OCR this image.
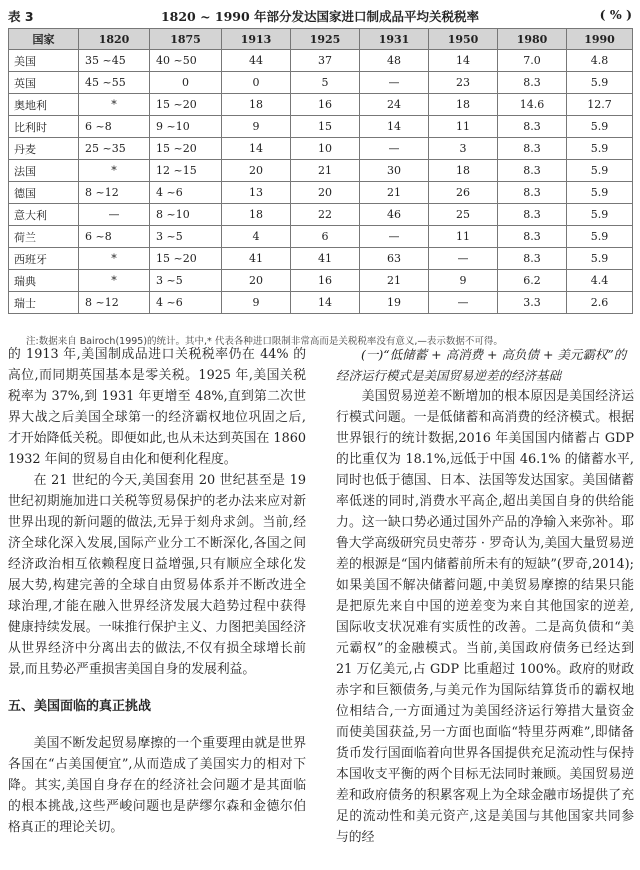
表 3	1820 ~ 1990 年部分发达国家进口制成品平均关税税率	( % )
国家	1820	1875	1913	1925	1931	1950	1980	1990
美国	35 ~45	40 ~50	44	37	48	14	7.0	4.8
英国	45 ~55	0	0	5	—	23	8.3	5.9
奥地利	*	15 ~20	18	16	24	18	14.6	12.7
比利时	6 ~8	9 ~10	9	15	14	11	8.3	5.9
丹麦	25 ~35	15 ~20	14	10	—	3	8.3	5.9
法国	*	12 ~15	20	21	30	18	8.3	5.9
德国	8 ~12	4 ~6	13	20	21	26	8.3	5.9
意大利	—	8 ~10	18	22	46	25	8.3	5.9
荷兰	6 ~8	3 ~5	4	6	—	11	8.3	5.9
西班牙	*	15 ~20	41	41	63	—	8.3	5.9
瑞典	*	3 ~5	20	16	21	9	6.2	4.4
瑞士	8 ~12	4 ~6	9	14	19	—	3.3	2.6
注:数据来自 Bairoch(1995)的统计。其中,* 代表各种进口限制非常高而是关税税率没有意义,—表示数据不可得。

的 1913 年,美国制成品进口关税税率仍在 44% 的高位,而同期英国基本是零关税。1925 年,美国关税税率为 37%,到 1931 年更增至 48%,直到第二次世界大战之后美国全球第一的经济霸权地位巩固之后,才开始降低关税。即便如此,也从未达到英国在 1860 1932 年间的贸易自由化和便利化程度。

在 21 世纪的今天,美国套用 20 世纪甚至是 19 世纪初期施加进口关税等贸易保护的老办法来应对新世界出现的新问题的做法,无异于刻舟求剑。当前,经济全球化深入发展,国际产业分工不断深化,各国之间经济政治相互依赖程度日益增强,只有顺应全球化发展大势,构建完善的全球自由贸易体系并不断改进全球治理,才能在融入世界经济发展大趋势过程中获得健康持续发展。一味推行保护主义、力图把美国经济从世界经济中分离出去的做法,不仅有损全球增长前景,而且势必严重损害美国自身的发展利益。

五、美国面临的真正挑战

美国不断发起贸易摩擦的一个重要理由就是世界各国在“占美国便宜”,从而造成了美国实力的相对下降。其实,美国自身存在的经济社会问题才是其面临的根本挑战,这些严峻问题也是萨缪尔森和金德尔伯格真正的理论关切。

(一)“低储蓄 + 高消费 + 高负债 + 美元霸权”的经济运行模式是美国贸易逆差的经济基础

美国贸易逆差不断增加的根本原因是美国经济运行模式问题。一是低储蓄和高消费的经济模式。根据世界银行的统计数据,2016 年美国国内储蓄占 GDP 的比重仅为 18.1%,远低于中国 46.1% 的储蓄水平,同时也低于德国、日本、法国等发达国家。美国储蓄率低迷的同时,消费水平高企,超出美国自身的供给能力。这一缺口势必通过国外产品的净输入来弥补。耶鲁大学高级研究员史蒂芬 · 罗奇认为,美国大量贸易逆差的根源是“国内储蓄前所未有的短缺”(罗奇,2014);如果美国不解决储蓄问题,中美贸易摩擦的结果只能是把原先来自中国的逆差变为来自其他国家的逆差,国际收支状况难有实质性的改善。二是高负债和“美元霸权”的金融模式。当前,美国政府债务已经达到 21 万亿美元,占 GDP 比重超过 100%。政府的财政赤字和巨额债务,与美元作为国际结算货币的霸权地位相结合,一方面通过为美国经济运行筹措大量资金而使美国获益,另一方面也面临“特里芬两难”,即储备货币发行国面临着向世界各国提供充足流动性与保持本国收支平衡的两个目标无法同时兼顾。美国贸易逆差和政府债务的积累客观上为全球金融市场提供了充足的流动性和美元资产,这是美国与其他国家共同参与的经
